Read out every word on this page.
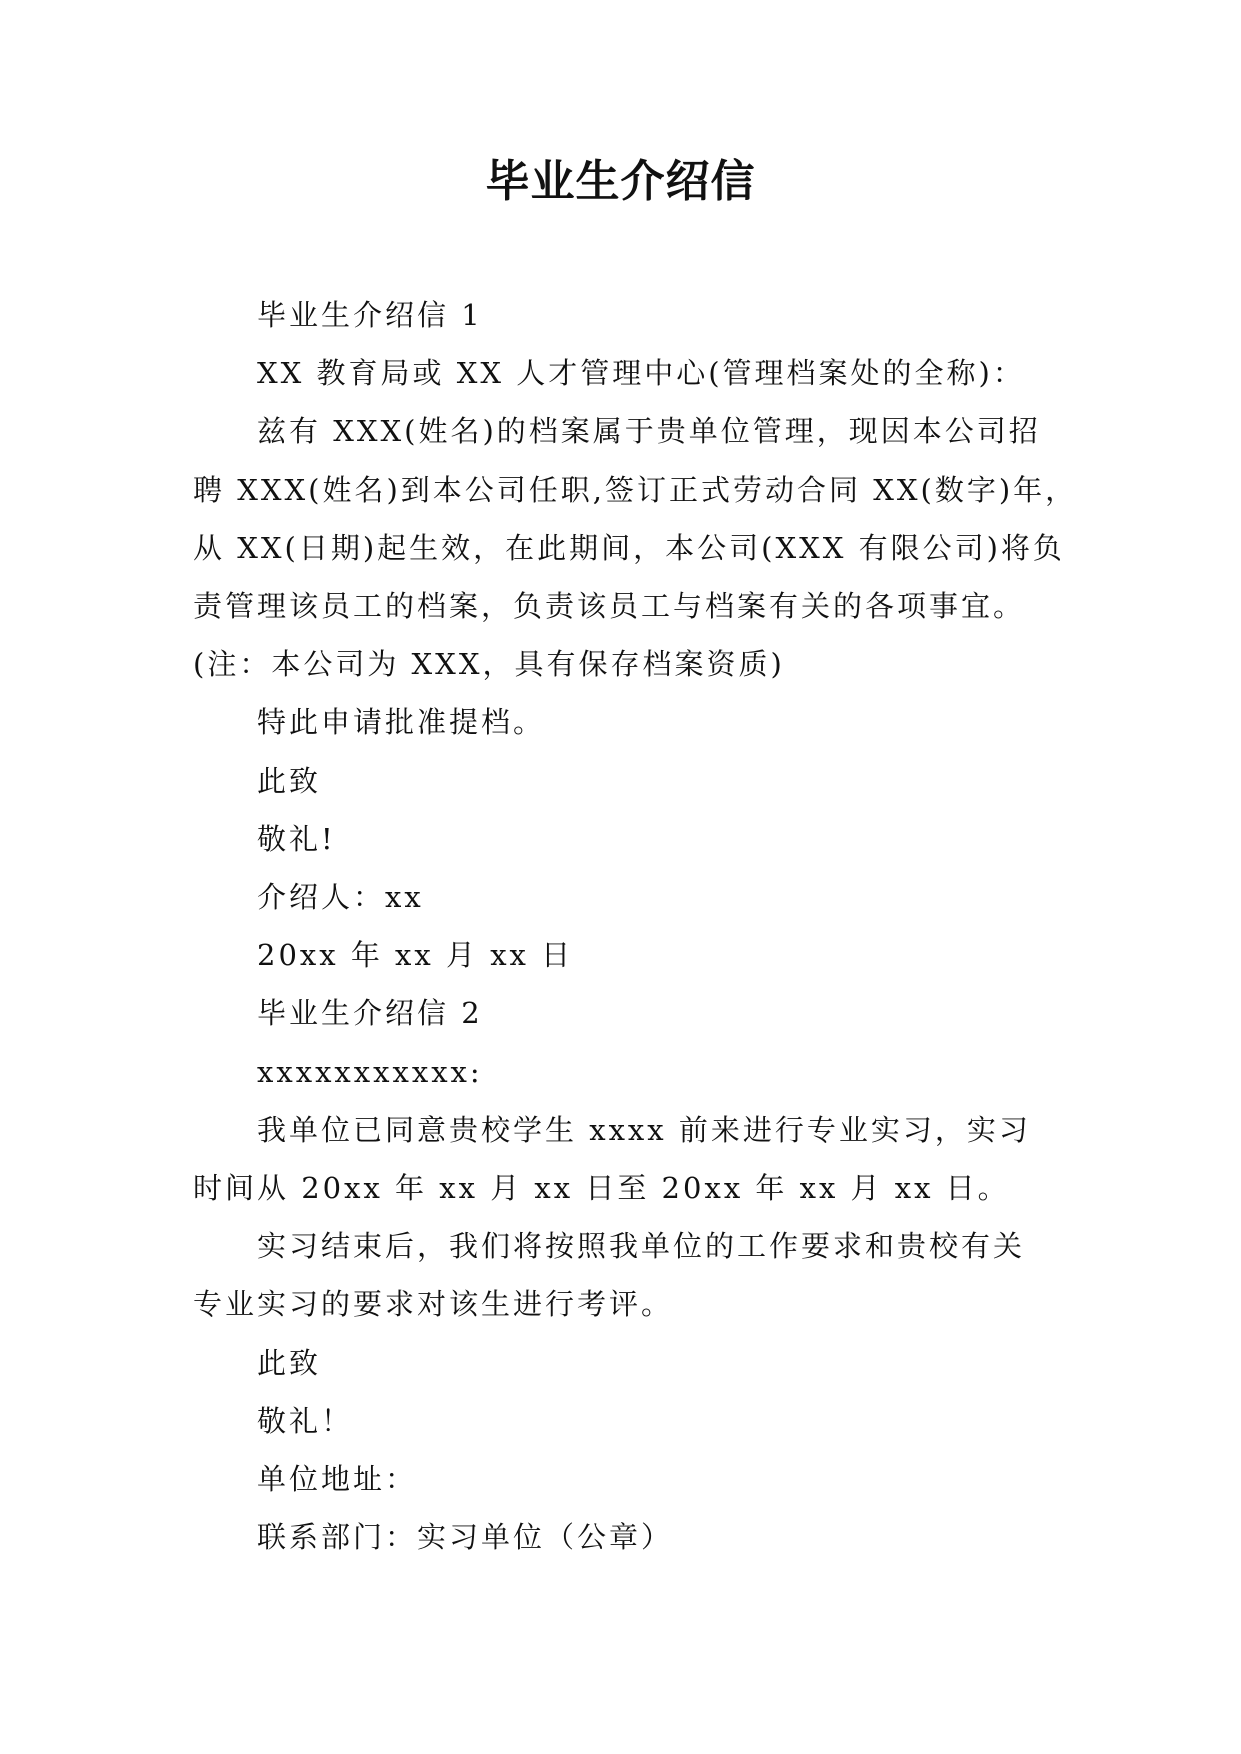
毕业生介绍信

毕业生介绍信 1

XX 教育局或 XX 人才管理中心(管理档案处的全称)：

兹有 XXX(姓名)的档案属于贵单位管理，现因本公司招

聘 XXX(姓名)到本公司任职,签订正式劳动合同 XX(数字)年，

从 XX(日期)起生效，在此期间，本公司(XXX 有限公司)将负

责管理该员工的档案，负责该员工与档案有关的各项事宜。

(注：本公司为 XXX，具有保存档案资质)

特此申请批准提档。

此致

敬礼!

介绍人：xx

20xx 年 xx 月 xx 日

毕业生介绍信 2

xxxxxxxxxxx:

我单位已同意贵校学生 xxxx 前来进行专业实习，实习

时间从 20xx 年 xx 月 xx 日至 20xx 年 xx 月 xx 日。

实习结束后，我们将按照我单位的工作要求和贵校有关

专业实习的要求对该生进行考评。

此致

敬礼！

单位地址：

联系部门：实习单位（公章）
